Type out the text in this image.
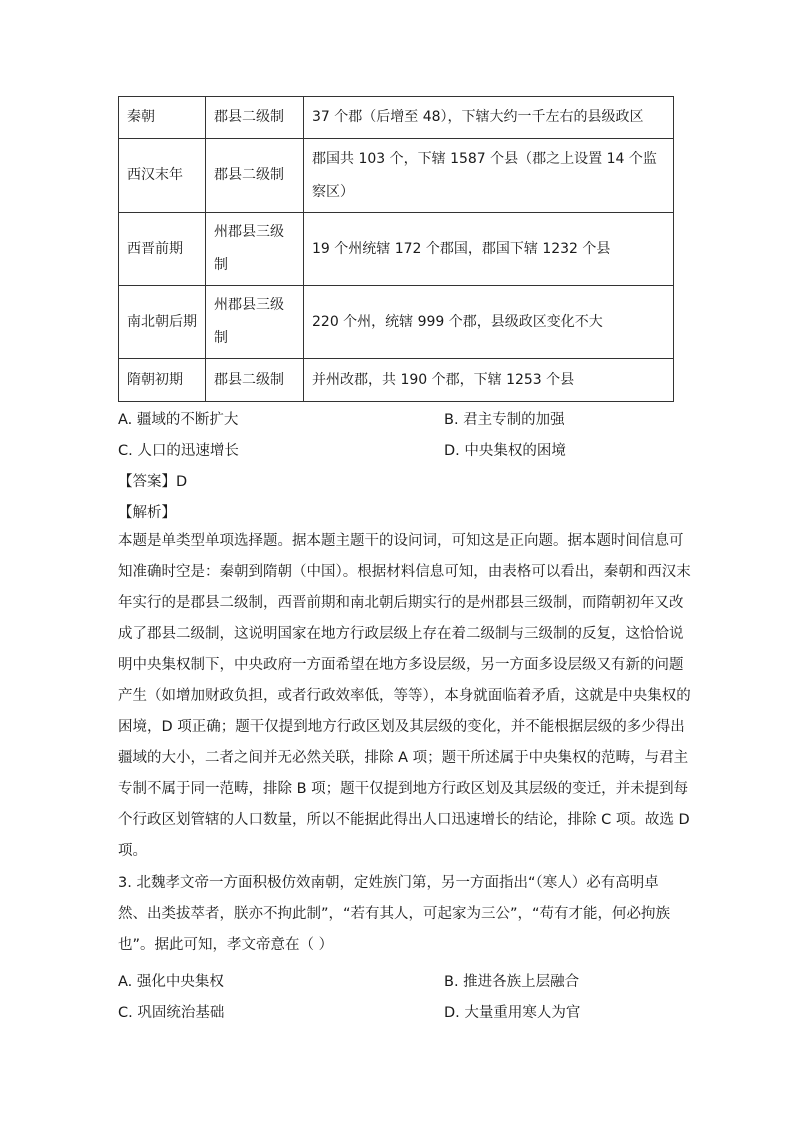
秦朝	郡县二级制	37 个郡（后增至 48），下辖大约一千左右的县级政区
西汉末年	郡县二级制	郡国共 103 个，下辖 1587 个县（郡之上设置 14 个监察区）
西晋前期	州郡县三级制	19 个州统辖 172 个郡国，郡国下辖 1232 个县
南北朝后期	州郡县三级制	220 个州，统辖 999 个郡，县级政区变化不大
隋朝初期	郡县二级制	并州改郡，共 190 个郡，下辖 1253 个县
A. 疆域的不断扩大	B. 君主专制的加强
C. 人口的迅速增长	D. 中央集权的困境
【答案】D
【解析】
本题是单类型单项选择题。据本题主题干的设问词，可知这是正向题。据本题时间信息可
知准确时空是：秦朝到隋朝（中国）。根据材料信息可知，由表格可以看出，秦朝和西汉末
年实行的是郡县二级制，西晋前期和南北朝后期实行的是州郡县三级制，而隋朝初年又改
成了郡县二级制，这说明国家在地方行政层级上存在着二级制与三级制的反复，这恰恰说
明中央集权制下，中央政府一方面希望在地方多设层级，另一方面多设层级又有新的问题
产生（如增加财政负担，或者行政效率低，等等），本身就面临着矛盾，这就是中央集权的
困境，D 项正确；题干仅提到地方行政区划及其层级的变化，并不能根据层级的多少得出
疆域的大小，二者之间并无必然关联，排除 A 项；题干所述属于中央集权的范畴，与君主
专制不属于同一范畴，排除 B 项；题干仅提到地方行政区划及其层级的变迁，并未提到每
个行政区划管辖的人口数量，所以不能据此得出人口迅速增长的结论，排除 C 项。故选 D
项。
3. 北魏孝文帝一方面积极仿效南朝，定姓族门第，另一方面指出“（寒人）必有高明卓
然、出类拔萃者，朕亦不拘此制”，“若有其人，可起家为三公”，“苟有才能，何必拘族
也”。据此可知，孝文帝意在（ ）
A. 强化中央集权	B. 推进各族上层融合
C. 巩固统治基础	D. 大量重用寒人为官
